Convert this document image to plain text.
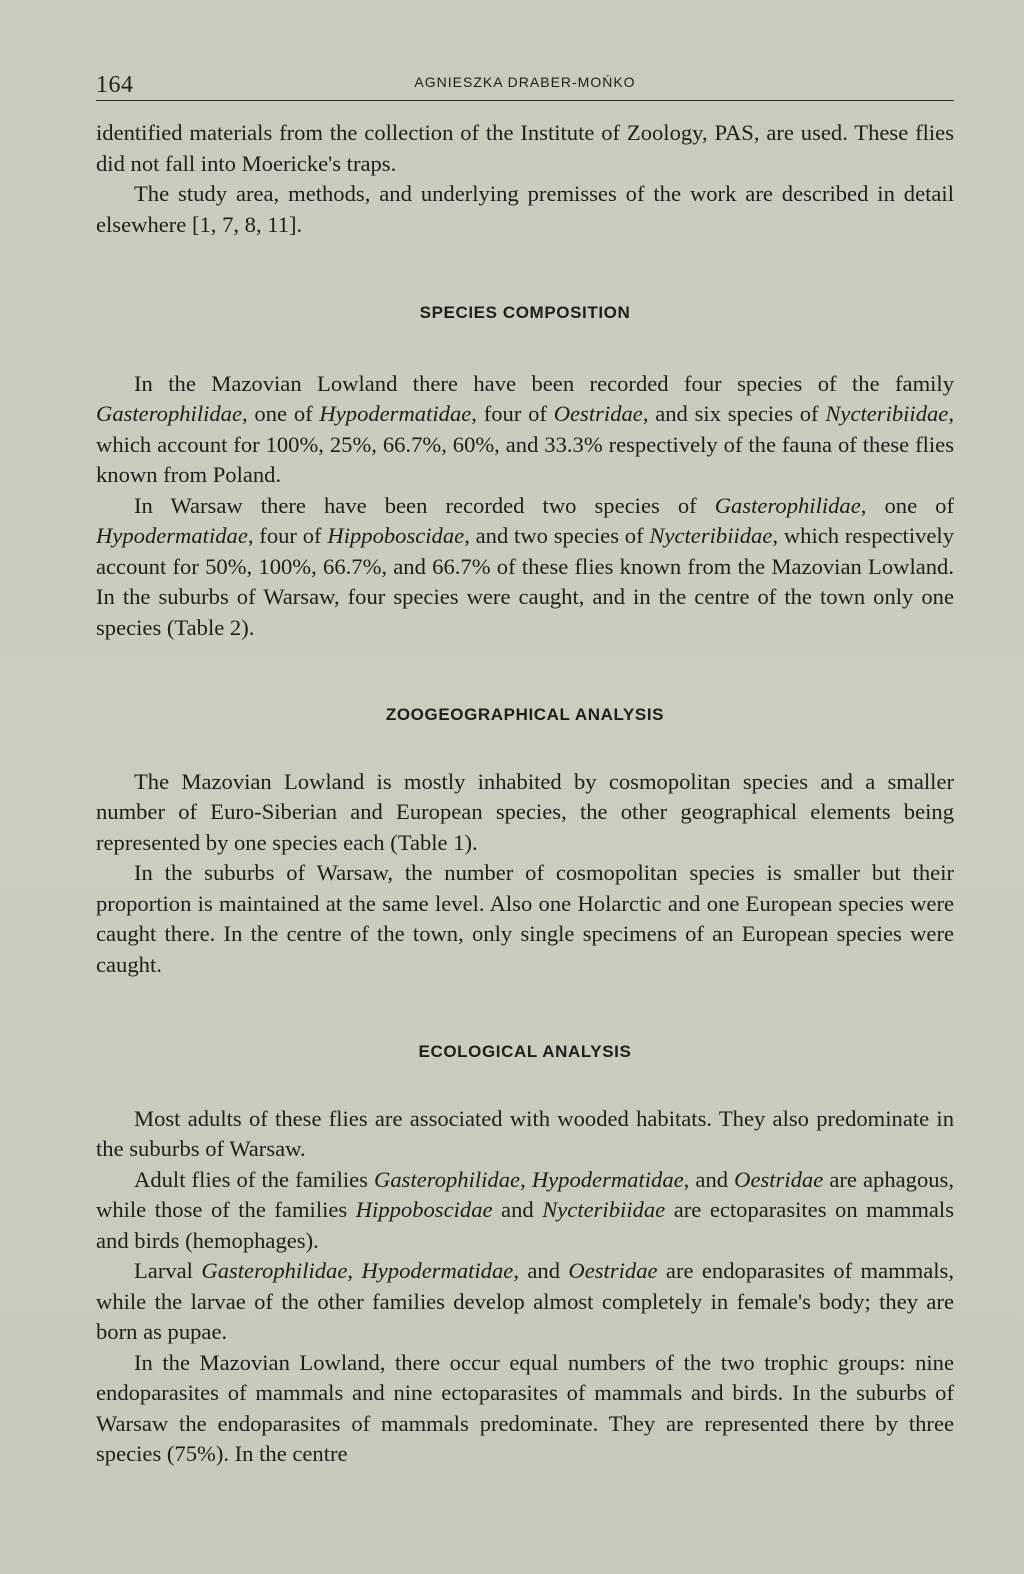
164	AGNIESZKA DRABER-MOŃKO

identified materials from the collection of the Institute of Zoology, PAS, are used. These flies did not fall into Moericke's traps.

The study area, methods, and underlying premisses of the work are described in detail elsewhere [1, 7, 8, 11].

SPECIES COMPOSITION

In the Mazovian Lowland there have been recorded four species of the family Gasterophilidae, one of Hypodermatidae, four of Oestridae, and six species of Nycteribiidae, which account for 100%, 25%, 66.7%, 60%, and 33.3% respectively of the fauna of these flies known from Poland.

In Warsaw there have been recorded two species of Gasterophilidae, one of Hypodermatidae, four of Hippoboscidae, and two species of Nycteribiidae, which respectively account for 50%, 100%, 66.7%, and 66.7% of these flies known from the Mazovian Lowland. In the suburbs of Warsaw, four species were caught, and in the centre of the town only one species (Table 2).

ZOOGEOGRAPHICAL ANALYSIS

The Mazovian Lowland is mostly inhabited by cosmopolitan species and a smaller number of Euro-Siberian and European species, the other geographical elements being represented by one species each (Table 1).

In the suburbs of Warsaw, the number of cosmopolitan species is smaller but their proportion is maintained at the same level. Also one Holarctic and one European species were caught there. In the centre of the town, only single specimens of an European species were caught.

ECOLOGICAL ANALYSIS

Most adults of these flies are associated with wooded habitats. They also predominate in the suburbs of Warsaw.

Adult flies of the families Gasterophilidae, Hypodermatidae, and Oestridae are aphagous, while those of the families Hippoboscidae and Nycteribiidae are ectoparasites on mammals and birds (hemophages).

Larval Gasterophilidae, Hypodermatidae, and Oestridae are endoparasites of mammals, while the larvae of the other families develop almost completely in female's body; they are born as pupae.

In the Mazovian Lowland, there occur equal numbers of the two trophic groups: nine endoparasites of mammals and nine ectoparasites of mammals and birds. In the suburbs of Warsaw the endoparasites of mammals predominate. They are represented there by three species (75%). In the centre
